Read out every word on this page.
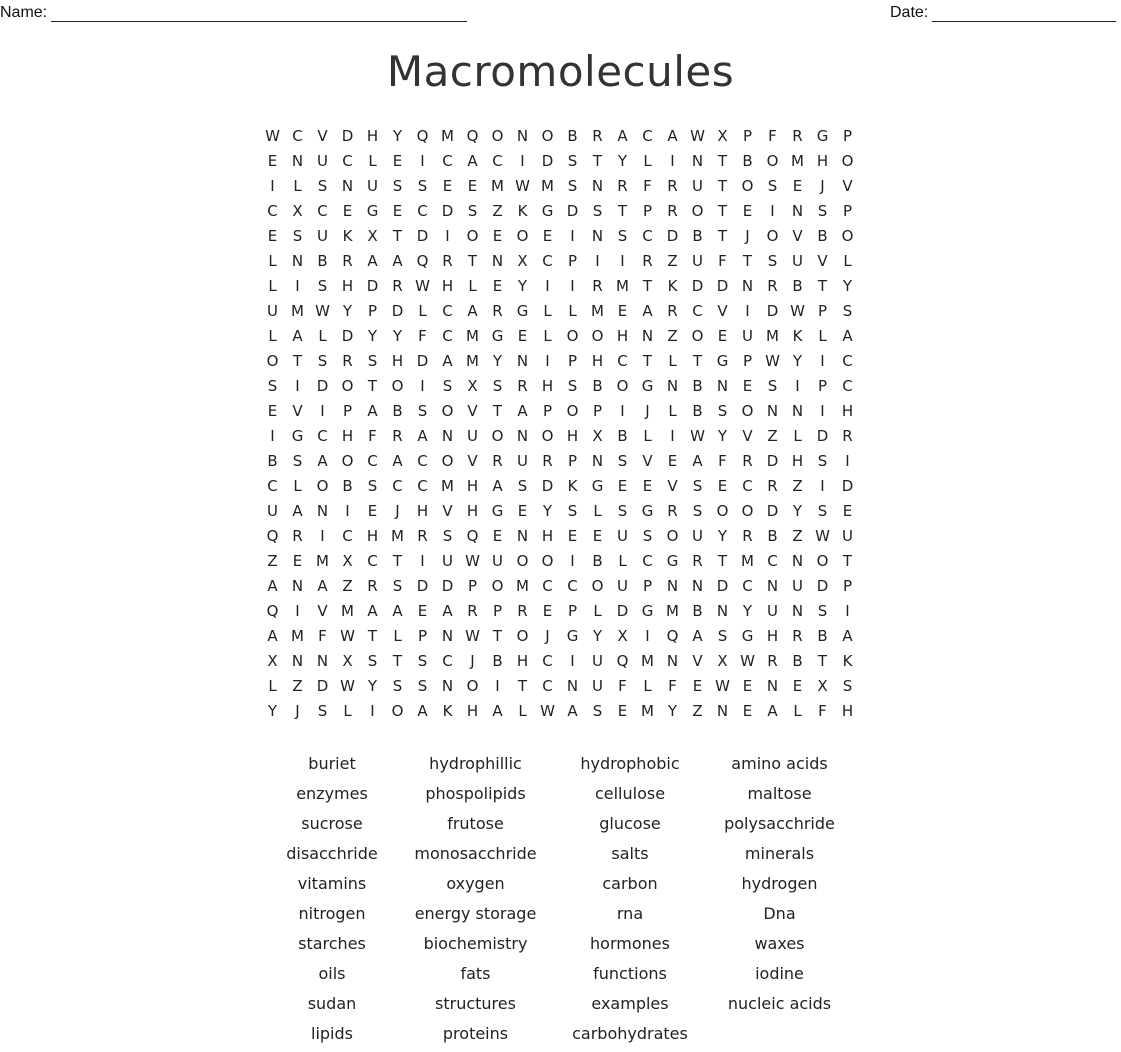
Name:	Date:
Macromolecules
W C V D H Y Q M Q O N O B R A C A W X	P	F	R G P
E N U C	L	E	I	C A C	I	D S	T	Y	L	I	N T	B O M H O
I	L	S N U S	S	E	E M W M S N R	F	R U T O S	E	J	V
C X C	E G E	C D S	Z K G D S	T	P	R O T	E	I	N S	P
E	S U K X	T D	I	O E O E	I	N S C D B	T	J	O V B O
L	N B R A A Q R	T N X C	P	I	I	R Z U	F	T	S U V	L
L	I	S H D R W H	L	E	Y	I	I	R M T	K D D N R B	T	Y
U M W Y	P D	L	C A R G	L	L M E	A R C V	I	D W P	S
L	A	L	D Y	Y	F	C M G E	L O O H N Z O E U M K	L	A
O T	S	R	S H D A M Y N	I	P H C	T	L	T G P W Y	I	C
S	I	D O T O	I	S	X	S	R H S	B O G N B N E	S	I	P	C
E	V	I	P	A B	S O V	T	A	P O P	I	J	L	B	S O N N	I	H
I	G C H	F	R A N U O N O H X B	L	I	W Y	V Z	L	D R
B	S	A O C A C O V R U R	P N S	V	E	A	F	R D H S	I
C	L O B	S C C M H A	S D K G E	E	V	S	E	C R Z	I	D
U A N	I	E	J	H V H G E	Y	S	L	S G R	S O O D Y	S	E
Q R	I	C H M R	S Q E N H E	E U S O U Y	R B Z W U
Z	E M X C	T	I	U W U O O	I	B	L	C G R	T M C N O T
A N A Z R	S D D P O M C C O U P N N D C N U D P
Q	I	V M A A	E	A R	P	R	E	P	L	D G M B N Y U N S	I
A M F W T	L	P N W T O	J	G Y	X	I	Q A	S G H R B A
X N N X	S	T	S C	J	B H C	I	U Q M N V X W R B	T	K
L	Z D W Y	S	S N O	I	T	C N U	F	L	F	E W E N E	X	S
Y	J	S	L	I	O A K H A	L W A	S	E M Y	Z N E	A	L	F	H
buriet	hydrophillic	hydrophobic	amino acids
enzymes	phospolipids	cellulose	maltose
sucrose	frutose	glucose	polysacchride
disacchride	monosacchride	salts	minerals
vitamins	oxygen	carbon	hydrogen
nitrogen	energy storage	rna	Dna
starches	biochemistry	hormones	waxes
oils	fats	functions	iodine
sudan	structures	examples	nucleic acids
lipids	proteins	carbohydrates
